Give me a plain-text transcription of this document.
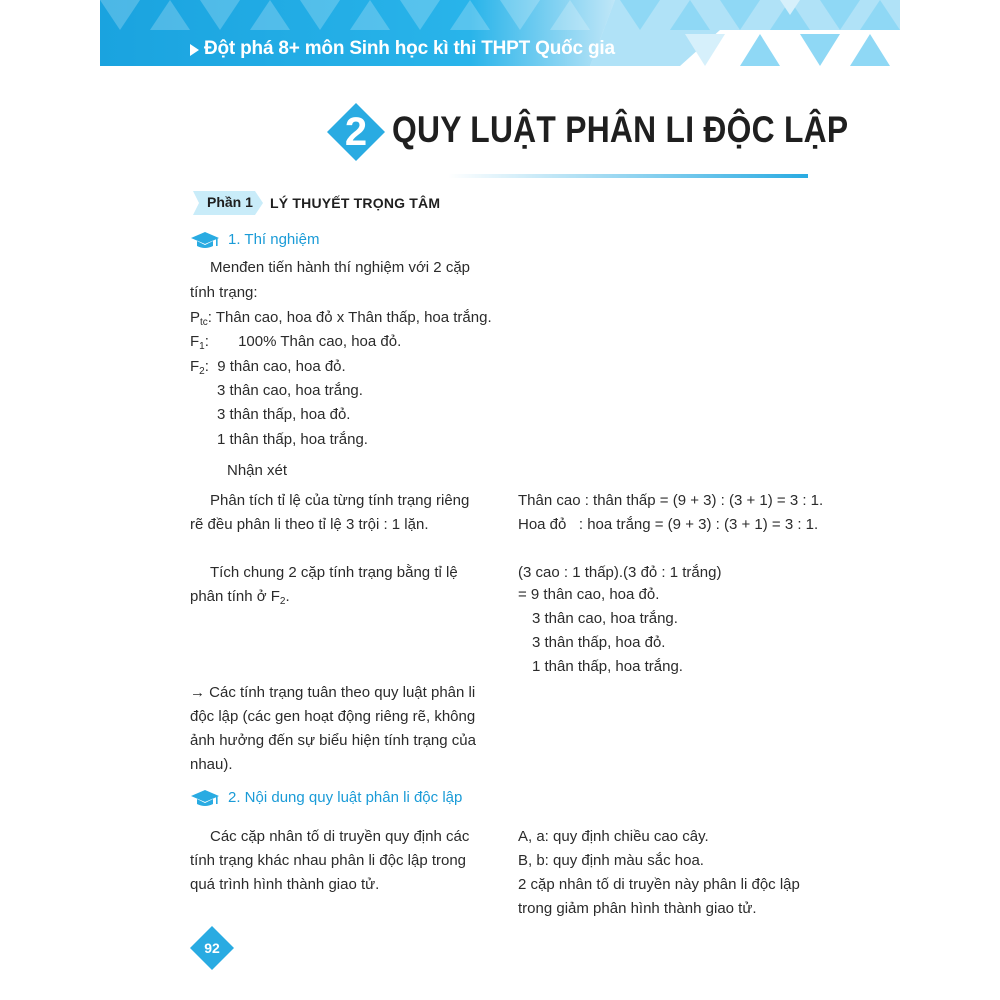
Đột phá 8+ môn Sinh học kì thi THPT Quốc gia
2 QUY LUẬT PHÂN LI ĐỘC LẬP
Phần 1 LÝ THUYẾT TRỌNG TÂM
1. Thí nghiệm
Menđen tiến hành thí nghiệm với 2 cặp
tính trạng:
$P_{tc}$: Thân cao, hoa đỏ x Thân thấp, hoa trắng.
$F_1$:       100% Thân cao, hoa đỏ.
$F_2$:  9 thân cao, hoa đỏ.
3 thân cao, hoa trắng.
3 thân thấp, hoa đỏ.
1 thân thấp, hoa trắng.
Nhận xét
Phân tích tỉ lệ của từng tính trạng riêng
rẽ đều phân li theo tỉ lệ 3 trội : 1 lặn.
Thân cao : thân thấp = (9 + 3) : (3 + 1) = 3 : 1.
Hoa đỏ   : hoa trắng = (9 + 3) : (3 + 1) = 3 : 1.
Tích chung 2 cặp tính trạng bằng tỉ lệ
phân tính ở $F_2$.
(3 cao : 1 thấp).(3 đỏ : 1 trắng)
= 9 thân cao, hoa đỏ.
3 thân cao, hoa trắng.
3 thân thấp, hoa đỏ.
1 thân thấp, hoa trắng.
→ Các tính trạng tuân theo quy luật phân li
độc lập (các gen hoạt động riêng rẽ, không
ảnh hưởng đến sự biểu hiện tính trạng của
nhau).
2. Nội dung quy luật phân li độc lập
Các cặp nhân tố di truyền quy định các
tính trạng khác nhau phân li độc lập trong
quá trình hình thành giao tử.
A, a: quy định chiều cao cây.
B, b: quy định màu sắc hoa.
2 cặp nhân tố di truyền này phân li độc lập
trong giảm phân hình thành giao tử.
92
